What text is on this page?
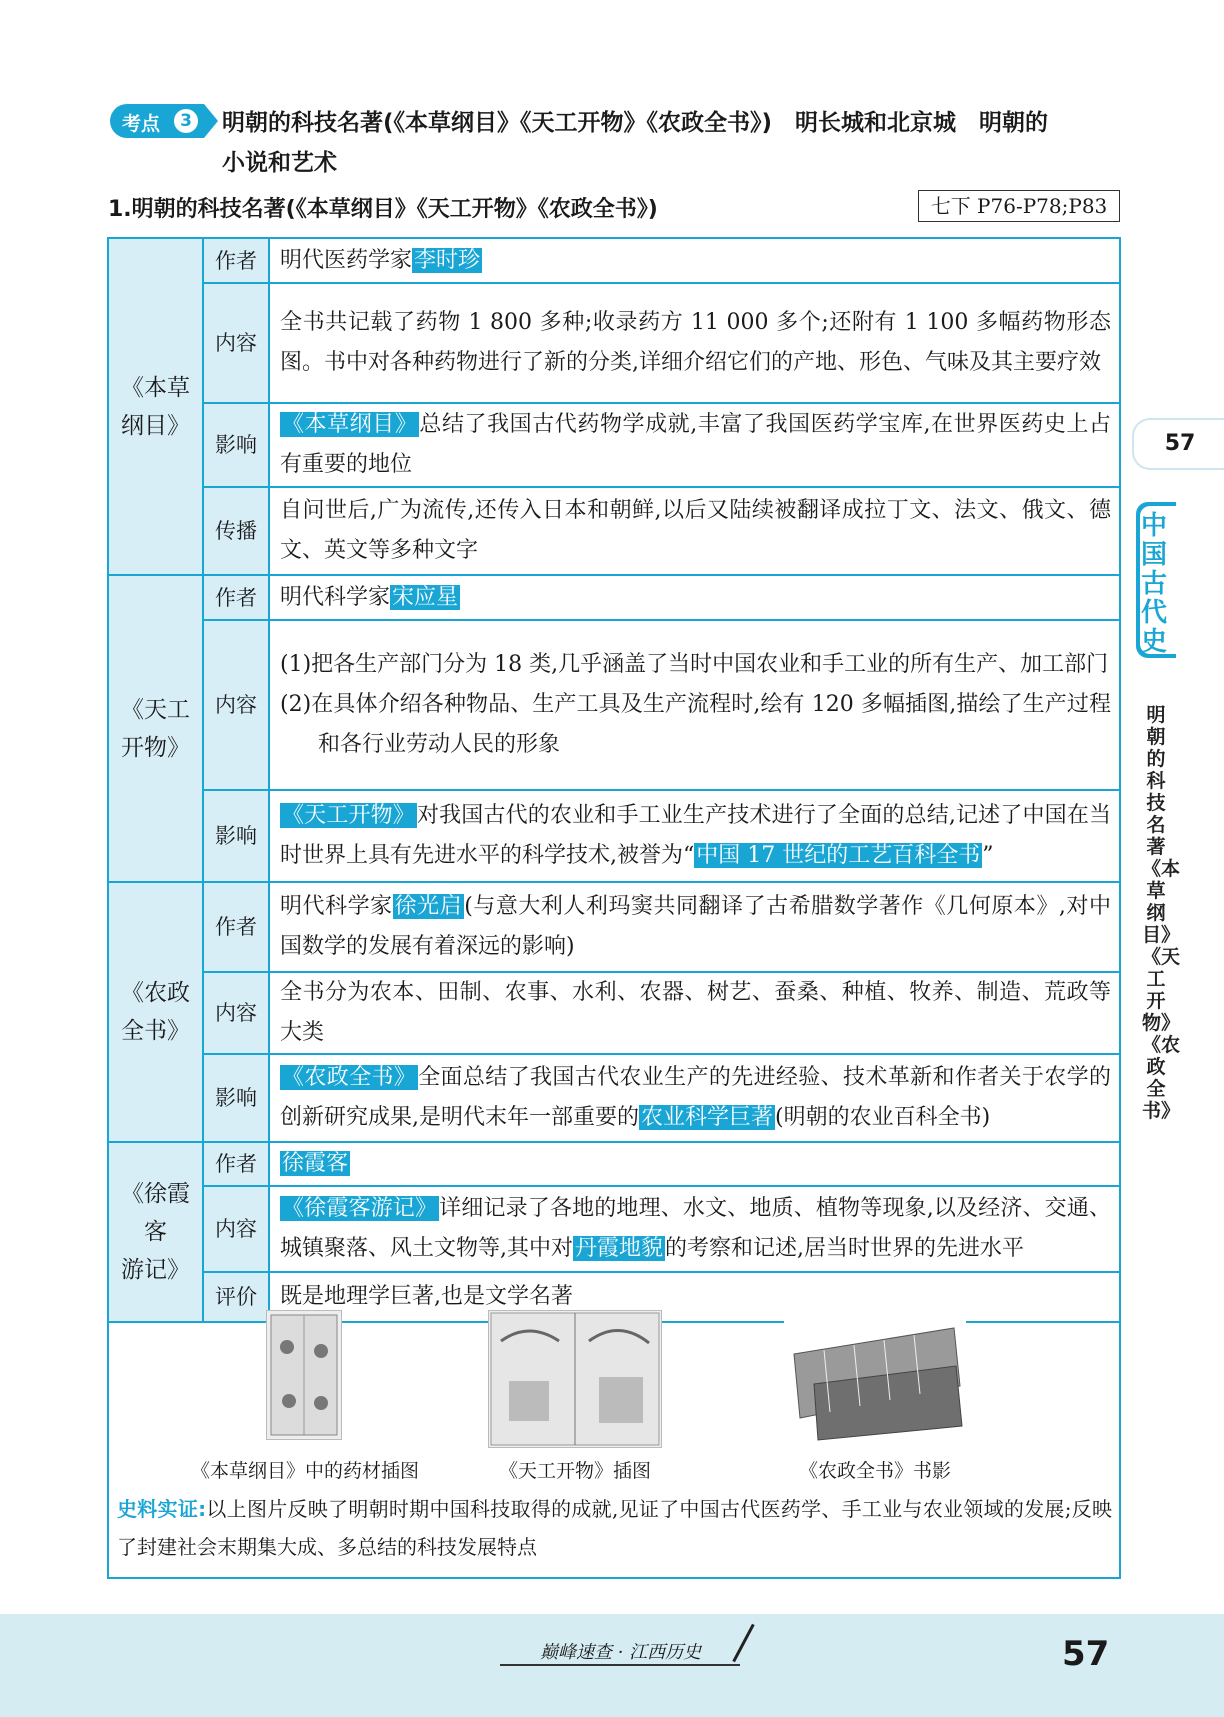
考点	3 明朝的科技名著(《本草纲目》《天工开物》《农政全书》)　明长城和北京城　明朝的
小说和艺术
1.明朝的科技名著(《本草纲目》《天工开物》《农政全书》)	七下 P76-P78;P83
《本草
纲目》	作者	明代医药学家李时珍
	内容	全书共记载了药物 1 800 多种;收录药方 11 000 多个;还附有 1 100 多幅药物形态图。书中对各种药物进行了新的分类,详细介绍它们的产地、形色、气味及其主要疗效
	影响	《本草纲目》总结了我国古代药物学成就,丰富了我国医药学宝库,在世界医药史上占有重要的地位
	传播	自问世后,广为流传,还传入日本和朝鲜,以后又陆续被翻译成拉丁文、法文、俄文、德文、英文等多种文字

《天工
开物》	作者	明代科学家宋应星
	内容	(1)把各生产部门分为 18 类,几乎涵盖了当时中国农业和手工业的所有生产、加工部门
(2)在具体介绍各种物品、生产工具及生产流程时,绘有 120 多幅插图,描绘了生产过程和各行业劳动人民的形象

	影响	《天工开物》对我国古代的农业和手工业生产技术进行了全面的总结,记述了中国在当时世界上具有先进水平的科学技术,被誉为“中国 17 世纪的工艺百科全书”

《农政
全书》	作者	明代科学家徐光启(与意大利人利玛窦共同翻译了古希腊数学著作《几何原本》,对中国数学的发展有着深远的影响)
	内容	全书分为农本、田制、农事、水利、农器、树艺、蚕桑、种植、牧养、制造、荒政等大类
	影响	《农政全书》全面总结了我国古代农业生产的先进经验、技术革新和作者关于农学的创新研究成果,是明代末年一部重要的农业科学巨著(明朝的农业百科全书)

《徐霞客
游记》	作者	徐霞客
	内容	《徐霞客游记》详细记录了各地的地理、水文、地质、植物等现象,以及经济、交通、城镇聚落、风土文物等,其中对丹霞地貌的考察和记述,居当时世界的先进水平
	评价	既是地理学巨著,也是文学名著
《本草纲目》中的药材插图	《天工开物》插图	《农政全书》书影
史料实证:以上图片反映了明朝时期中国科技取得的成就,见证了中国古代医药学、手工业与农业领域的发展;反映了封建社会末期集大成、多总结的科技发展特点
57
中国古代史
明朝的科技名著《本草纲目》《天工开物》《农政全书》
巅峰速查 · 江西历史	57
